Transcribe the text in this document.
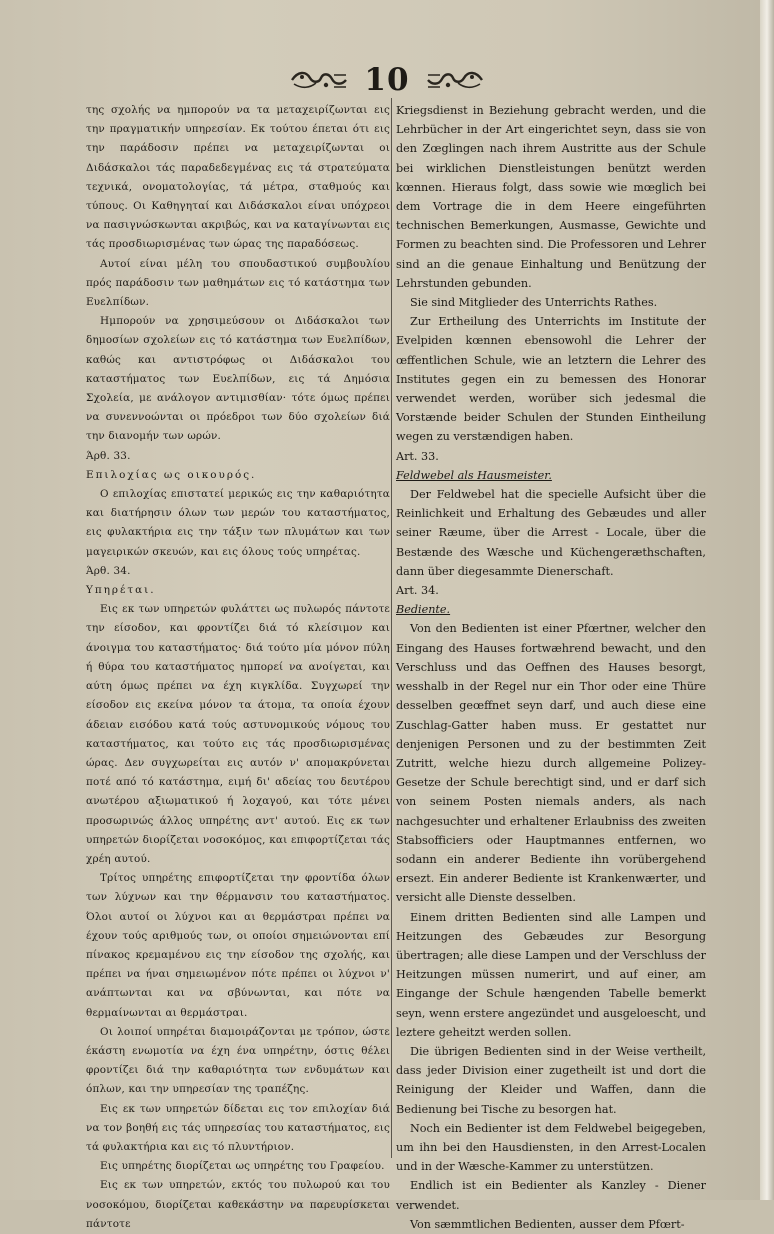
10

της σχολής να ημπορούν να τα μεταχειρίζωνται εις την πραγματικήν υπηρεσίαν. Εκ τούτου έπεται ότι εις την παράδοσιν πρέπει να μεταχειρίζωνται οι Διδάσκαλοι τάς παραδεδεγμένας εις τά στρατεύματα τεχνικά, ονοματολογίας, τά μέτρα, σταθμούς και τύπους. Οι Καθηγηταί και Διδάσκαλοι είναι υπόχρεοι να πασιγνώσκωνται ακριβώς, και να καταγίνωνται εις τάς προσδιωρισμένας των ώρας της παραδόσεως.

Αυτοί είναι μέλη του σπουδαστικού συμβουλίου πρός παράδοσιν των μαθημάτων εις τό κατάστημα των Ευελπίδων.

Ημπορούν να χρησιμεύσουν οι Διδάσκαλοι των δημοσίων σχολείων εις τό κατάστημα των Ευελπίδων, καθώς και αντιστρόφως οι Διδάσκαλοι του καταστήματος των Ευελπίδων, εις τά Δημόσια Σχολεία, με ανάλογον αντιμισθίαν· τότε όμως πρέπει να συνεννοώνται οι πρόεδροι των δύο σχολείων διά την διανομήν των ωρών.

Άρθ. 33.

Επιλοχίας ως οικουρός.

Ο επιλοχίας επιστατεί μερικώς εις την καθαριότητα και διατήρησιν όλων των μερών του καταστήματος, εις φυλακτήρια εις την τάξιν των πλυμάτων και των μαγειρικών σκευών, και εις όλους τούς υπηρέτας.

Άρθ. 34.

Υπηρέται.

Εις εκ των υπηρετών φυλάττει ως πυλωρός πάντοτε την είσοδον, και φροντίζει διά τό κλείσιμον και άνοιγμα του καταστήματος· διά τούτο μία μόνον πύλη ή θύρα του καταστήματος ημπορεί να ανοίγεται, και αύτη όμως πρέπει να έχη κιγκλίδα. Συγχωρεί την είσοδον εις εκείνα μόνον τα άτομα, τα οποία έχουν άδειαν εισόδου κατά τούς αστυνομικούς νόμους του καταστήματος, και τούτο εις τάς προσδιωρισμένας ώρας. Δεν συγχωρείται εις αυτόν ν' απομακρύνεται ποτέ από τό κατάστημα, ειμή δι' αδείας του δευτέρου ανωτέρου αξιωματικού ή λοχαγού, και τότε μένει προσωρινώς άλλος υπηρέτης αντ' αυτού. Εις εκ των υπηρετών διορίζεται νοσοκόμος, και επιφορτίζεται τάς χρέη αυτού.

Τρίτος υπηρέτης επιφορτίζεται την φροντίδα όλων των λύχνων και την θέρμανσιν του καταστήματος. Όλοι αυτοί οι λύχνοι και αι θερμάστραι πρέπει να έχουν τούς αριθμούς των, οι οποίοι σημειώνονται επί πίνακος κρεμαμένου εις την είσοδον της σχολής, και πρέπει να ήναι σημειωμένον πότε πρέπει οι λύχνοι ν' ανάπτωνται και να σβύνωνται, και πότε να θερμαίνωνται αι θερμάστραι.

Οι λοιποί υπηρέται διαμοιράζονται με τρόπον, ώστε έκάστη ενωμοτία να έχη ένα υπηρέτην, όστις θέλει φροντίζει διά την καθαριότητα των ενδυμάτων και όπλων, και την υπηρεσίαν της τραπέζης.

Εις εκ των υπηρετών δίδεται εις τον επιλοχίαν διά να τον βοηθή εις τάς υπηρεσίας του καταστήματος, εις τά φυλακτήρια και εις τό πλυντήριον.

Εις υπηρέτης διορίζεται ως υπηρέτης του Γραφείου.

Εις εκ των υπηρετών, εκτός του πυλωρού και του νοσοκόμου, διορίζεται καθεκάστην να παρευρίσκεται πάντοτε

Kriegsdienst in Beziehung gebracht werden, und die Lehrbücher in der Art eingerichtet seyn, dass sie von den Zœglingen nach ihrem Austritte aus der Schule bei wirklichen Dienstleistungen benützt werden kœnnen. Hieraus folgt, dass sowie wie mœglich bei dem Vortrage die in dem Heere eingeführten technischen Bemerkungen, Ausmasse, Gewichte und Formen zu beachten sind. Die Professoren und Lehrer sind an die genaue Einhaltung und Benützung der Lehrstunden gebunden.

Sie sind Mitglieder des Unterrichts Rathes.

Zur Ertheilung des Unterrichts im Institute der Evelpiden kœnnen ebensowohl die Lehrer der œffentlichen Schule, wie an letztern die Lehrer des Institutes gegen ein zu bemessen des Honorar verwendet werden, worüber sich jedesmal die Vorstænde beider Schulen der Stunden Eintheilung wegen zu verstændigen haben.

Art. 33.

Feldwebel als Hausmeister.

Der Feldwebel hat die specielle Aufsicht über die Reinlichkeit und Erhaltung des Gebæudes und aller seiner Ræume, über die Arrest - Locale, über die Bestænde des Wæsche und Küchengeræthschaften, dann über diegesammte Dienerschaft.

Art. 34.

Bediente.

Von den Bedienten ist einer Pfœrtner, welcher den Eingang des Hauses fortwæhrend bewacht, und den Verschluss und das Oeffnen des Hauses besorgt, wesshalb in der Regel nur ein Thor oder eine Thüre desselben geœffnet seyn darf, und auch diese eine Zuschlag-Gatter haben muss. Er gestattet nur denjenigen Personen und zu der bestimmten Zeit Zutritt, welche hiezu durch allgemeine Polizey-Gesetze der Schule berechtigt sind, und er darf sich von seinem Posten niemals anders, als nach nachgesuchter und erhaltener Erlaubniss des zweiten Stabsofficiers oder Hauptmannes entfernen, wo sodann ein anderer Bediente ihn vorübergehend ersezt. Ein anderer Bediente ist Krankenwærter, und versicht alle Dienste desselben.

Einem dritten Bedienten sind alle Lampen und Heitzungen des Gebæudes zur Besorgung übertragen; alle diese Lampen und der Verschluss der Heitzungen müssen numerirt, und auf einer, am Eingange der Schule hængenden Tabelle bemerkt seyn, wenn erstere angezündet und ausgeloescht, und leztere geheitzt werden sollen.

Die übrigen Bedienten sind in der Weise vertheilt, dass jeder Division einer zugetheilt ist und dort die Reinigung der Kleider und Waffen, dann die Bedienung bei Tische zu besorgen hat.

Noch ein Bedienter ist dem Feldwebel beigegeben, um ihn bei den Hausdiensten, in den Arrest-Localen und in der Wæsche-Kammer zu unterstützen.

Endlich ist ein Bedienter als Kanzley - Diener verwendet.

Von sæmmtlichen Bedienten, ausser dem Pfœrt-
